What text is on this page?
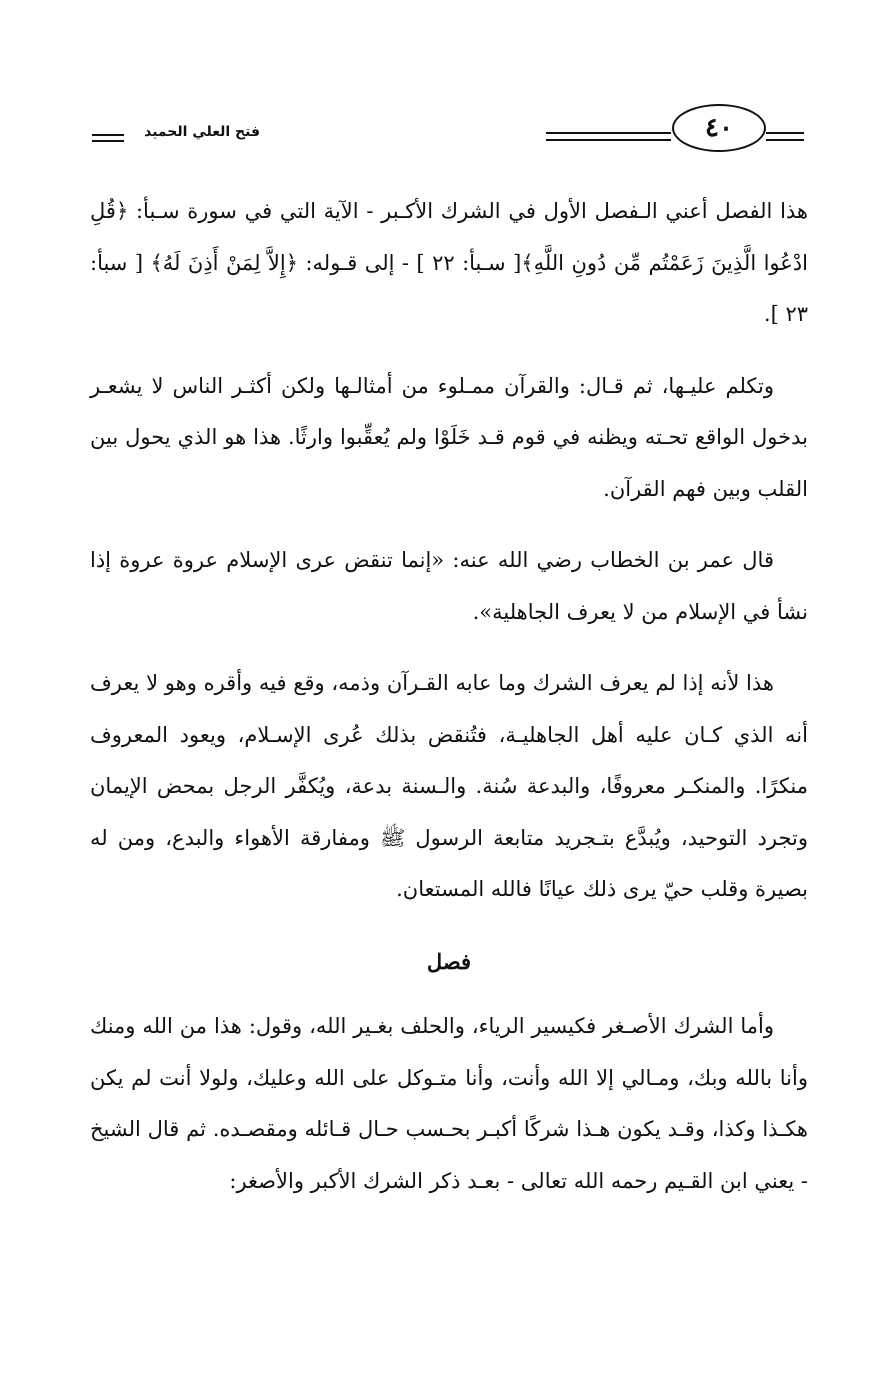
فتح العلي الحميد	٤٠

هذا الفصل أعني الـفصل الأول في الشرك الأكـبر - الآية التي في سورة سـبأ: ﴿قُلِ ادْعُوا الَّذِينَ زَعَمْتُم مِّن دُونِ اللَّهِ﴾[ سـبأ: ٢٢ ] - إلى قـوله: ﴿إِلاَّ لِمَنْ أَذِنَ لَهُ﴾ [ سبأ: ٢٣ ].

وتكلم عليـها، ثم قـال: والقرآن ممـلوء من أمثالـها ولكن أكثـر الناس لا يشعـر بدخول الواقع تحـته ويظنه في قوم قـد خَلَوْا ولم يُعقِّبوا وارثًا. هذا هو الذي يحول بين القلب وبين فهم القرآن.

قال عمر بن الخطاب رضي الله عنه: «إنما تنقض عرى الإسلام عروة عروة إذا نشأ في الإسلام من لا يعرف الجاهلية».

هذا لأنه إذا لم يعرف الشرك وما عابه القـرآن وذمه، وقع فيه وأقره وهو لا يعرف أنه الذي كـان عليه أهل الجاهليـة، فتُنقض بذلك عُرى الإسـلام، ويعود المعروف منكرًا. والمنكـر معروفًا، والبدعة سُنة. والـسنة بدعة، ويُكفَّر الرجل بمحض الإيمان وتجرد التوحيد، ويُبدَّع بتـجريد متابعة الرسول ﷺ ومفارقة الأهواء والبدع، ومن له بصيرة وقلب حيّ يرى ذلك عيانًا فالله المستعان.

فصل

وأما الشرك الأصـغر فكيسير الرياء، والحلف بغـير الله، وقول: هذا من الله ومنك وأنا بالله وبك، ومـالي إلا الله وأنت، وأنا متـوكل على الله وعليك، ولولا أنت لم يكن هكـذا وكذا، وقـد يكون هـذا شركًا أكبـر بحـسب حـال قـائله ومقصـده. ثم قال الشيخ - يعني ابن القـيم رحمه الله تعالى - بعـد ذكر الشرك الأكبر والأصغر:
